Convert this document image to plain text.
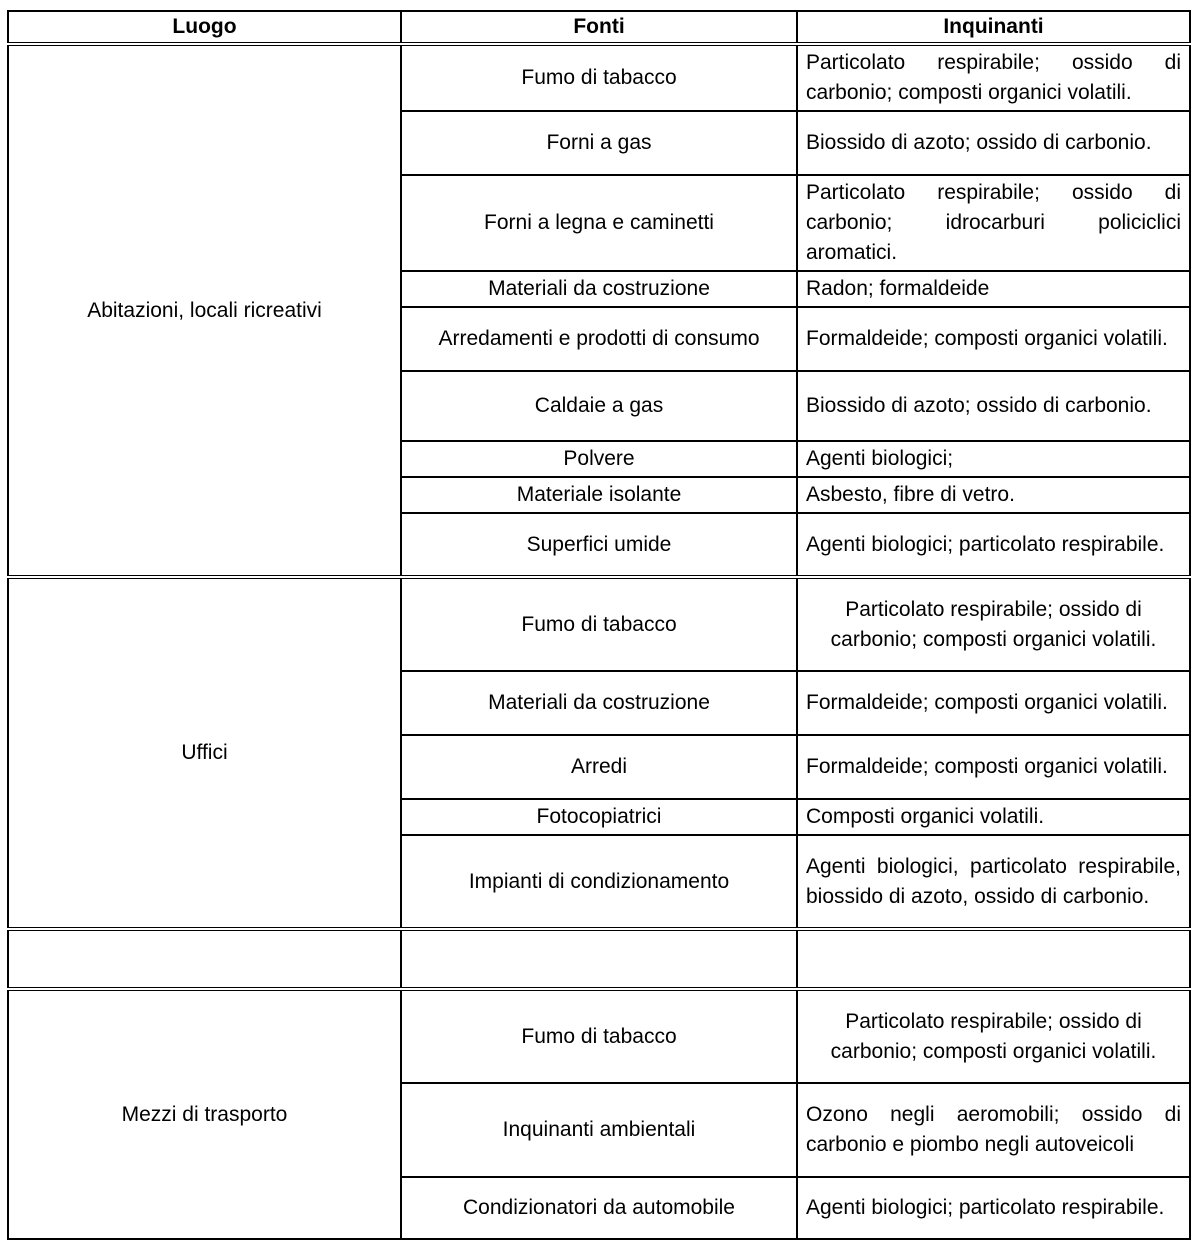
Luogo	Fonti	Inquinanti
Abitazioni, locali ricreativi	Fumo di tabacco	Particolato respirabile; ossido di carbonio; composti organici volatili.
	Forni a gas	Biossido di azoto; ossido di carbonio.
	Forni a legna e caminetti	Particolato respirabile; ossido di carbonio; idrocarburi policiclici aromatici.
	Materiali da costruzione	Radon; formaldeide
	Arredamenti e prodotti di consumo	Formaldeide; composti organici volatili.
	Caldaie a gas	Biossido di azoto; ossido di carbonio.
	Polvere	Agenti biologici;
	Materiale isolante	Asbesto, fibre di vetro.
	Superfici umide	Agenti biologici; particolato respirabile.
Uffici	Fumo di tabacco	Particolato respirabile; ossido di carbonio; composti organici volatili.
	Materiali da costruzione	Formaldeide; composti organici volatili.
	Arredi	Formaldeide; composti organici volatili.
	Fotocopiatrici	Composti organici volatili.
	Impianti di condizionamento	Agenti biologici, particolato respirabile, biossido di azoto, ossido di carbonio.

Mezzi di trasporto	Fumo di tabacco	Particolato respirabile; ossido di carbonio; composti organici volatili.
	Inquinanti ambientali	Ozono negli aeromobili; ossido di carbonio e piombo negli autoveicoli
	Condizionatori da automobile	Agenti biologici; particolato respirabile.
